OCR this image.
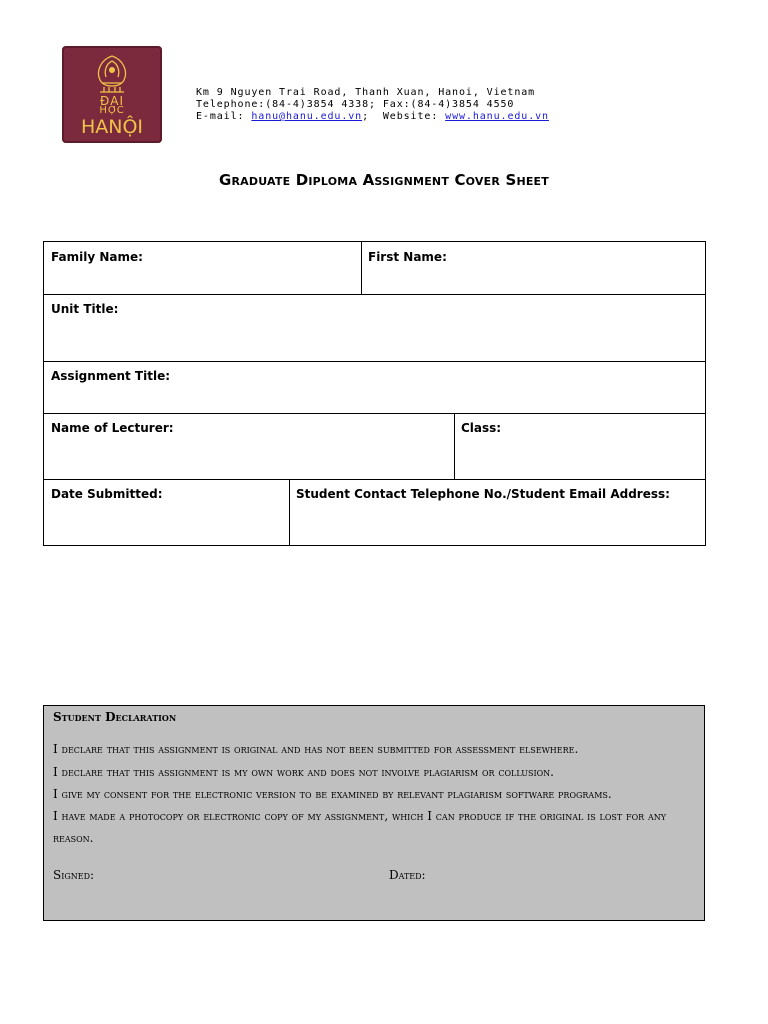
ĐẠI
HỌC
HANỘI
Km 9 Nguyen Trai Road, Thanh Xuan, Hanoi, Vietnam
Telephone:(84-4)3854 4338; Fax:(84-4)3854 4550
E-mail: hanu@hanu.edu.vn;  Website: www.hanu.edu.vn
Graduate Diploma Assignment Cover Sheet
Family Name:	First Name:
Unit Title:
Assignment Title:
Name of Lecturer:	Class:
Date Submitted:	Student Contact Telephone No./Student Email Address:
Student Declaration
I declare that this assignment is original and has not been submitted for assessment elsewhere.
I declare that this assignment is my own work and does not involve plagiarism or collusion.
I give my consent for the electronic version to be examined by relevant plagiarism software programs.
I have made a photocopy or electronic copy of my assignment, which I can produce if the original is lost for any
reason.
Signed:	Dated:
